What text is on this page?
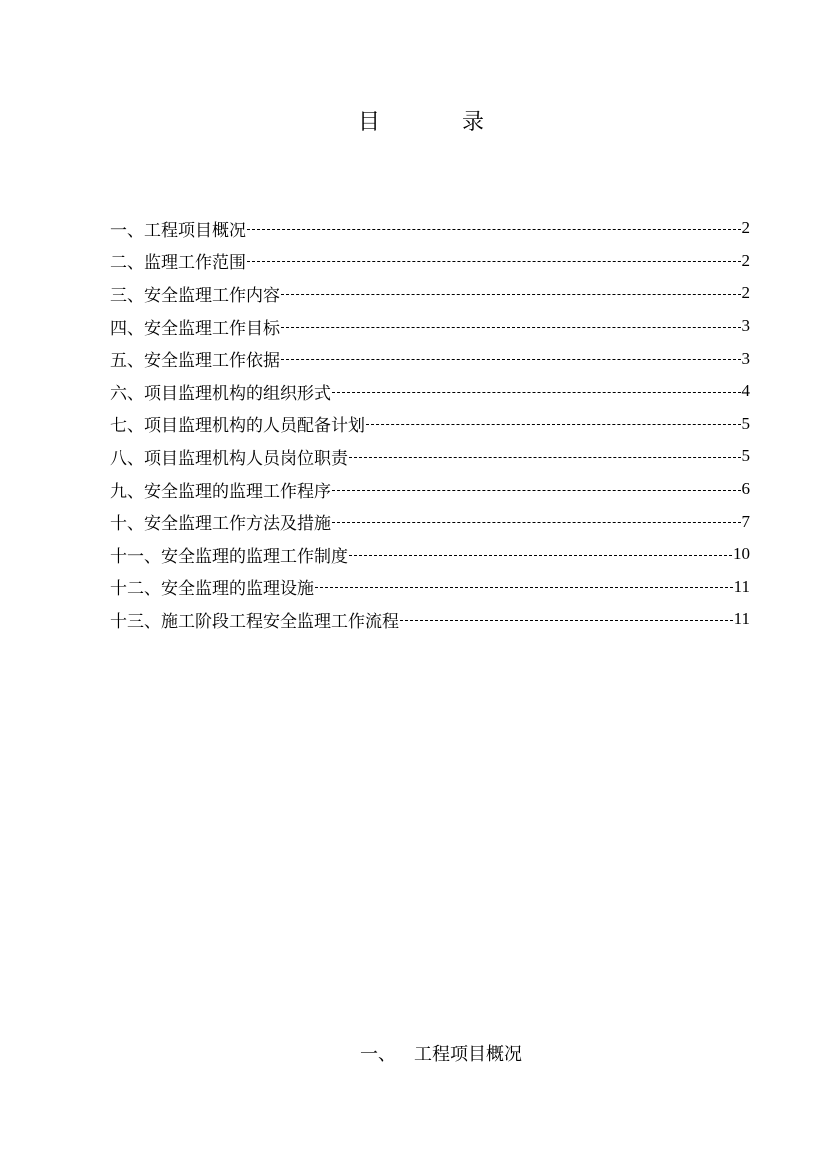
目	录
一、工程项目概况	2
二、监理工作范围	2
三、安全监理工作内容	2
四、安全监理工作目标	3
五、安全监理工作依据	3
六、项目监理机构的组织形式	4
七、项目监理机构的人员配备计划	5
八、项目监理机构人员岗位职责	5
九、安全监理的监理工作程序	6
十、安全监理工作方法及措施	7
十一、安全监理的监理工作制度	10
十二、安全监理的监理设施	11
十三、施工阶段工程安全监理工作流程	11
一、 工程项目概况
